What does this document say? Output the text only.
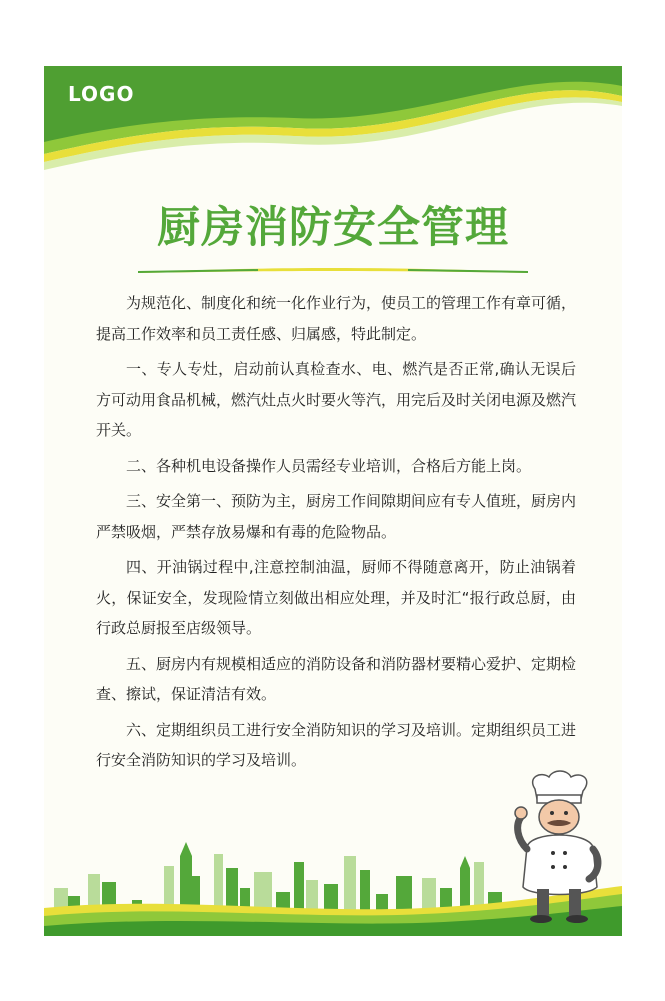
LOGO
厨房消防安全管理

为规范化、制度化和统一化作业行为，使员工的管理工作有章可循，提高工作效率和员工责任感、归属感，特此制定。

一、专人专灶，启动前认真检查水、电、燃汽是否正常,确认无误后方可动用食品机械，燃汽灶点火时要火等汽，用完后及时关闭电源及燃汽开关。

二、各种机电设备操作人员需经专业培训，合格后方能上岗。

三、安全第一、预防为主，厨房工作间隙期间应有专人值班，厨房内严禁吸烟，严禁存放易爆和有毒的危险物品。

四、开油锅过程中,注意控制油温，厨师不得随意离开，防止油锅着火，保证安全，发现险情立刻做出相应处理，并及时汇“报行政总厨，由行政总厨报至店级领导。

五、厨房内有规模相适应的消防设备和消防器材要精心爱护、定期检查、擦试，保证清洁有效。

六、定期组织员工进行安全消防知识的学习及培训。定期组织员工进行安全消防知识的学习及培训。
